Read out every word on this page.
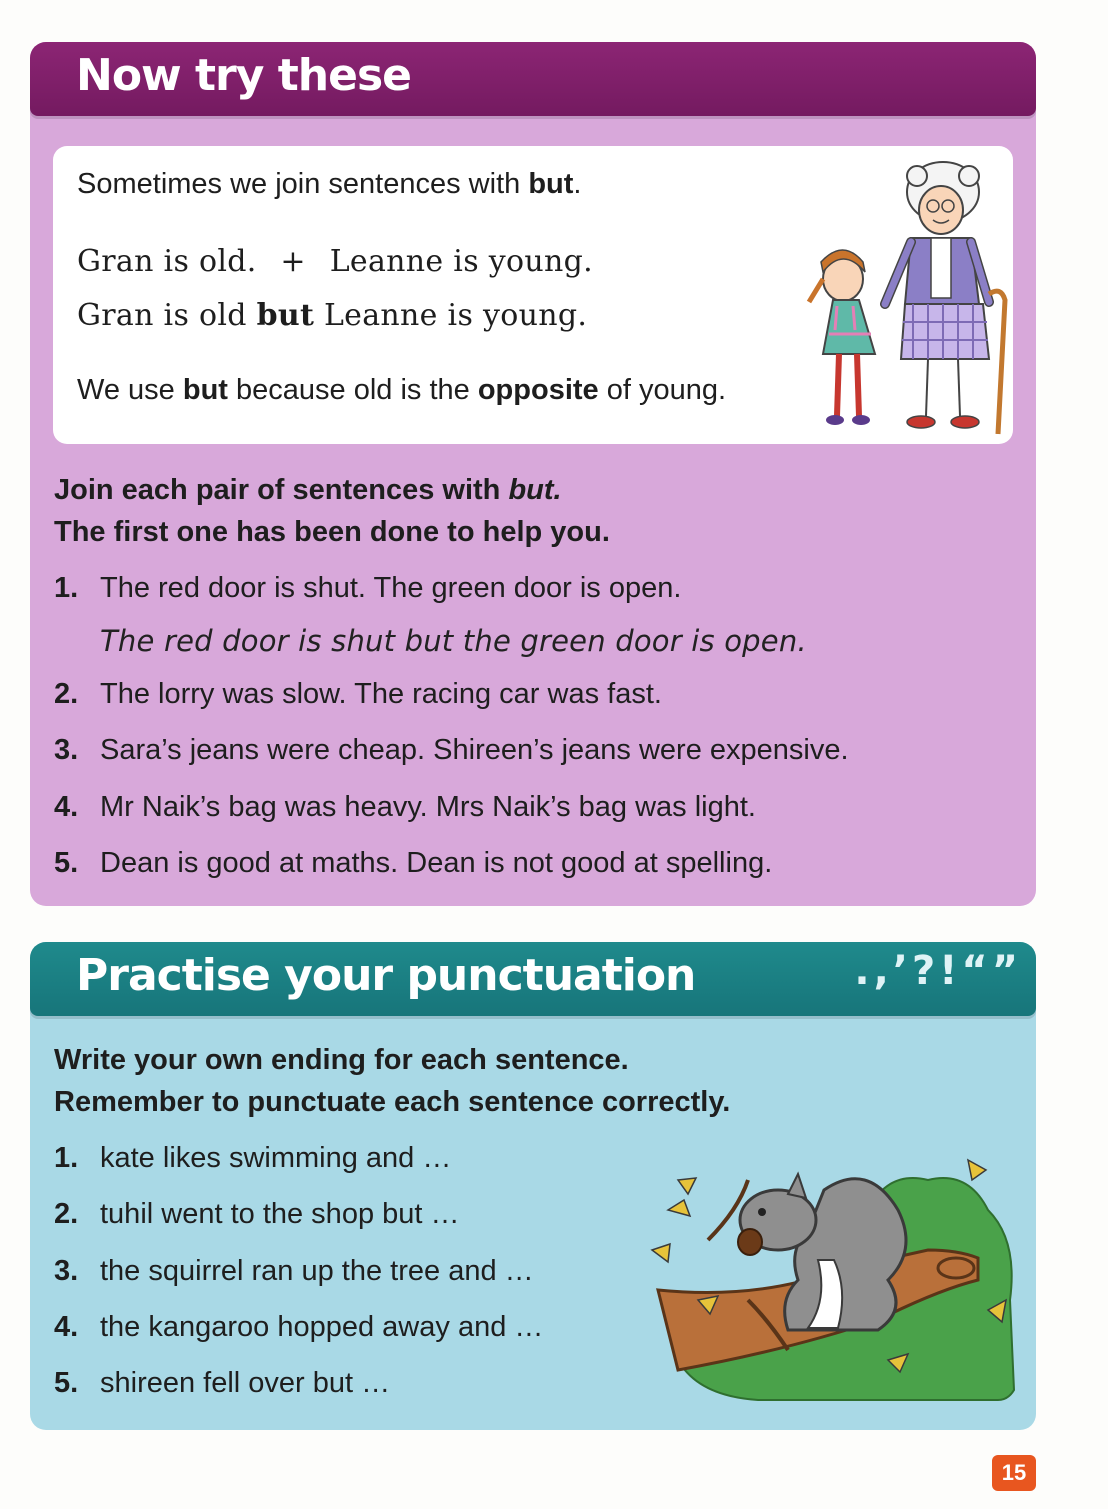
Now try these
Sometimes we join sentences with but.
Gran is old. + Leanne is young.
Gran is old but Leanne is young.
We use but because old is the opposite of young.
Join each pair of sentences with but.
The first one has been done to help you.
1. The red door is shut. The green door is open.
The red door is shut but the green door is open.
2. The lorry was slow. The racing car was fast.
3. Sara’s jeans were cheap. Shireen’s jeans were expensive.
4. Mr Naik’s bag was heavy. Mrs Naik’s bag was light.
5. Dean is good at maths. Dean is not good at spelling.
Practise your punctuation	.,’?!“”
Write your own ending for each sentence.
Remember to punctuate each sentence correctly.
1. kate likes swimming and …
2. tuhil went to the shop but …
3. the squirrel ran up the tree and …
4. the kangaroo hopped away and …
5. shireen fell over but …
15
